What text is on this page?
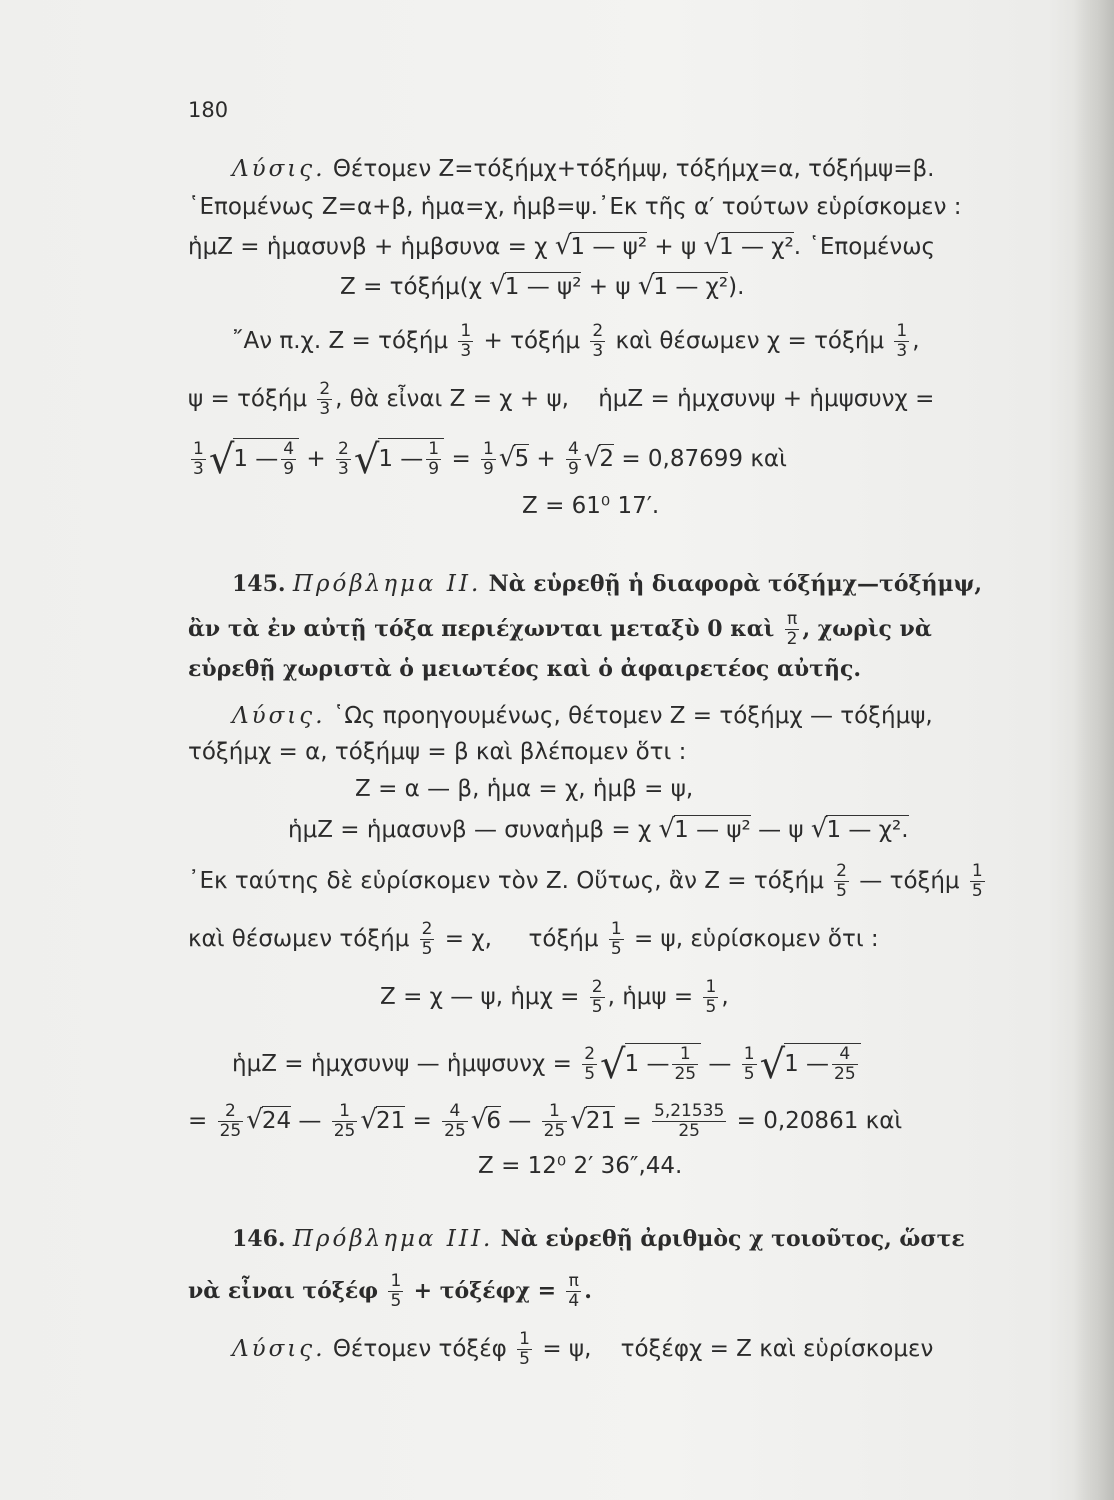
180
Λύσις. Θέτομεν Ζ=τόξήμχ+τόξήμψ, τόξήμχ=α, τόξήμψ=β.
῾Επομένως Ζ=α+β, ἡμα=χ, ἡμβ=ψ.᾿Εκ τῆς α′ τούτων εὑρίσκομεν :
ἡμΖ = ἡμασυνβ + ἡμβσυνα = χ √1 — ψ² + ψ √1 — χ². ῾Επομένως
Ζ = τόξήμ(χ √1 — ψ² + ψ √1 — χ²).
῎Αν π.χ. Ζ = τόξήμ $\frac{1}{3} + \tau ό\xi ή\mu \frac{2}{3}$ καὶ θέσωμεν χ = τόξήμ $\frac{1}{3}$ ,
ψ = τόξήμ $\frac{2}{3}$ , θὰ εἶναι Ζ = χ + ψ, ἡμΖ = ἡμχσυνψ + ἡμψσυνχ =
$\frac{1}{3} √1$ — $\frac{4}{9} + \frac{2}{3} √1$ — $\frac{1}{9} = \frac{1}{9} √5 + \frac{4}{9} √2 = 0,87699$ καὶ
Ζ = 61⁰ 17′.
145. Πρόβλημα ΙΙ. Νὰ εὑρεθῇ ἡ διαφορὰ τόξήμχ—τόξήμψ,
ἂν τὰ ἐν αὐτῇ τόξα περιέχωνται μεταξὺ 0 καὶ $\frac{\pi}{2}$ , χωρὶς νὰ
εὑρεθῇ χωριστὰ ὁ μειωτέος καὶ ὁ ἀφαιρετέος αὐτῆς.
Λύσις. ῾Ως προηγουμένως, θέτομεν Ζ = τόξήμχ — τόξήμψ,
τόξήμχ = α, τόξήμψ = β καὶ βλέπομεν ὅτι :
Ζ = α — β, ἡμα = χ, ἡμβ = ψ,
ἡμΖ = ἡμασυνβ — συναἡμβ = χ √1 — ψ² — ψ √1 — χ².
᾿Εκ ταύτης δὲ εὑρίσκομεν τὸν Ζ. Οὕτως, ἂν Ζ = τόξήμ $\frac{2}{5}$ — τόξήμ $\frac{1}{5}$
καὶ θέσωμεν τόξήμ $\frac{2}{5} = \chi$, τόξήμ $\frac{1}{5} = \psi$, εὑρίσκομεν ὅτι :
Ζ = χ — ψ, ἡμχ = $\frac{2}{5}$ , ἡμψ = $\frac{1}{5}$ ,
ἡμΖ = ἡμχσυνψ — ἡμψσυνχ = $\frac{2}{5} √1$ — $\frac{1}{25}$ — $\frac{1}{5} √1$ — $\frac{4}{25}$
= $\frac{2}{25} √24$ — $\frac{1}{25} √21 = \frac{4}{25} √6$ — $\frac{1}{25} √21 = \frac{5,21535}{25} = 0,20861$ καὶ
Ζ = 12⁰ 2′ 36″,44.
146. Πρόβλημα ΙΙΙ. Νὰ εὑρεθῇ ἀριθμὸς χ τοιοῦτος, ὥστε
νὰ εἶναι τόξέφ $\frac{1}{5} + \tau ό\xi έ\varphi\chi = \frac{\pi}{4}$ .
Λύσις. Θέτομεν τόξέφ $\frac{1}{5} = \psi$, τόξέφχ = Ζ καὶ εὑρίσκομεν
